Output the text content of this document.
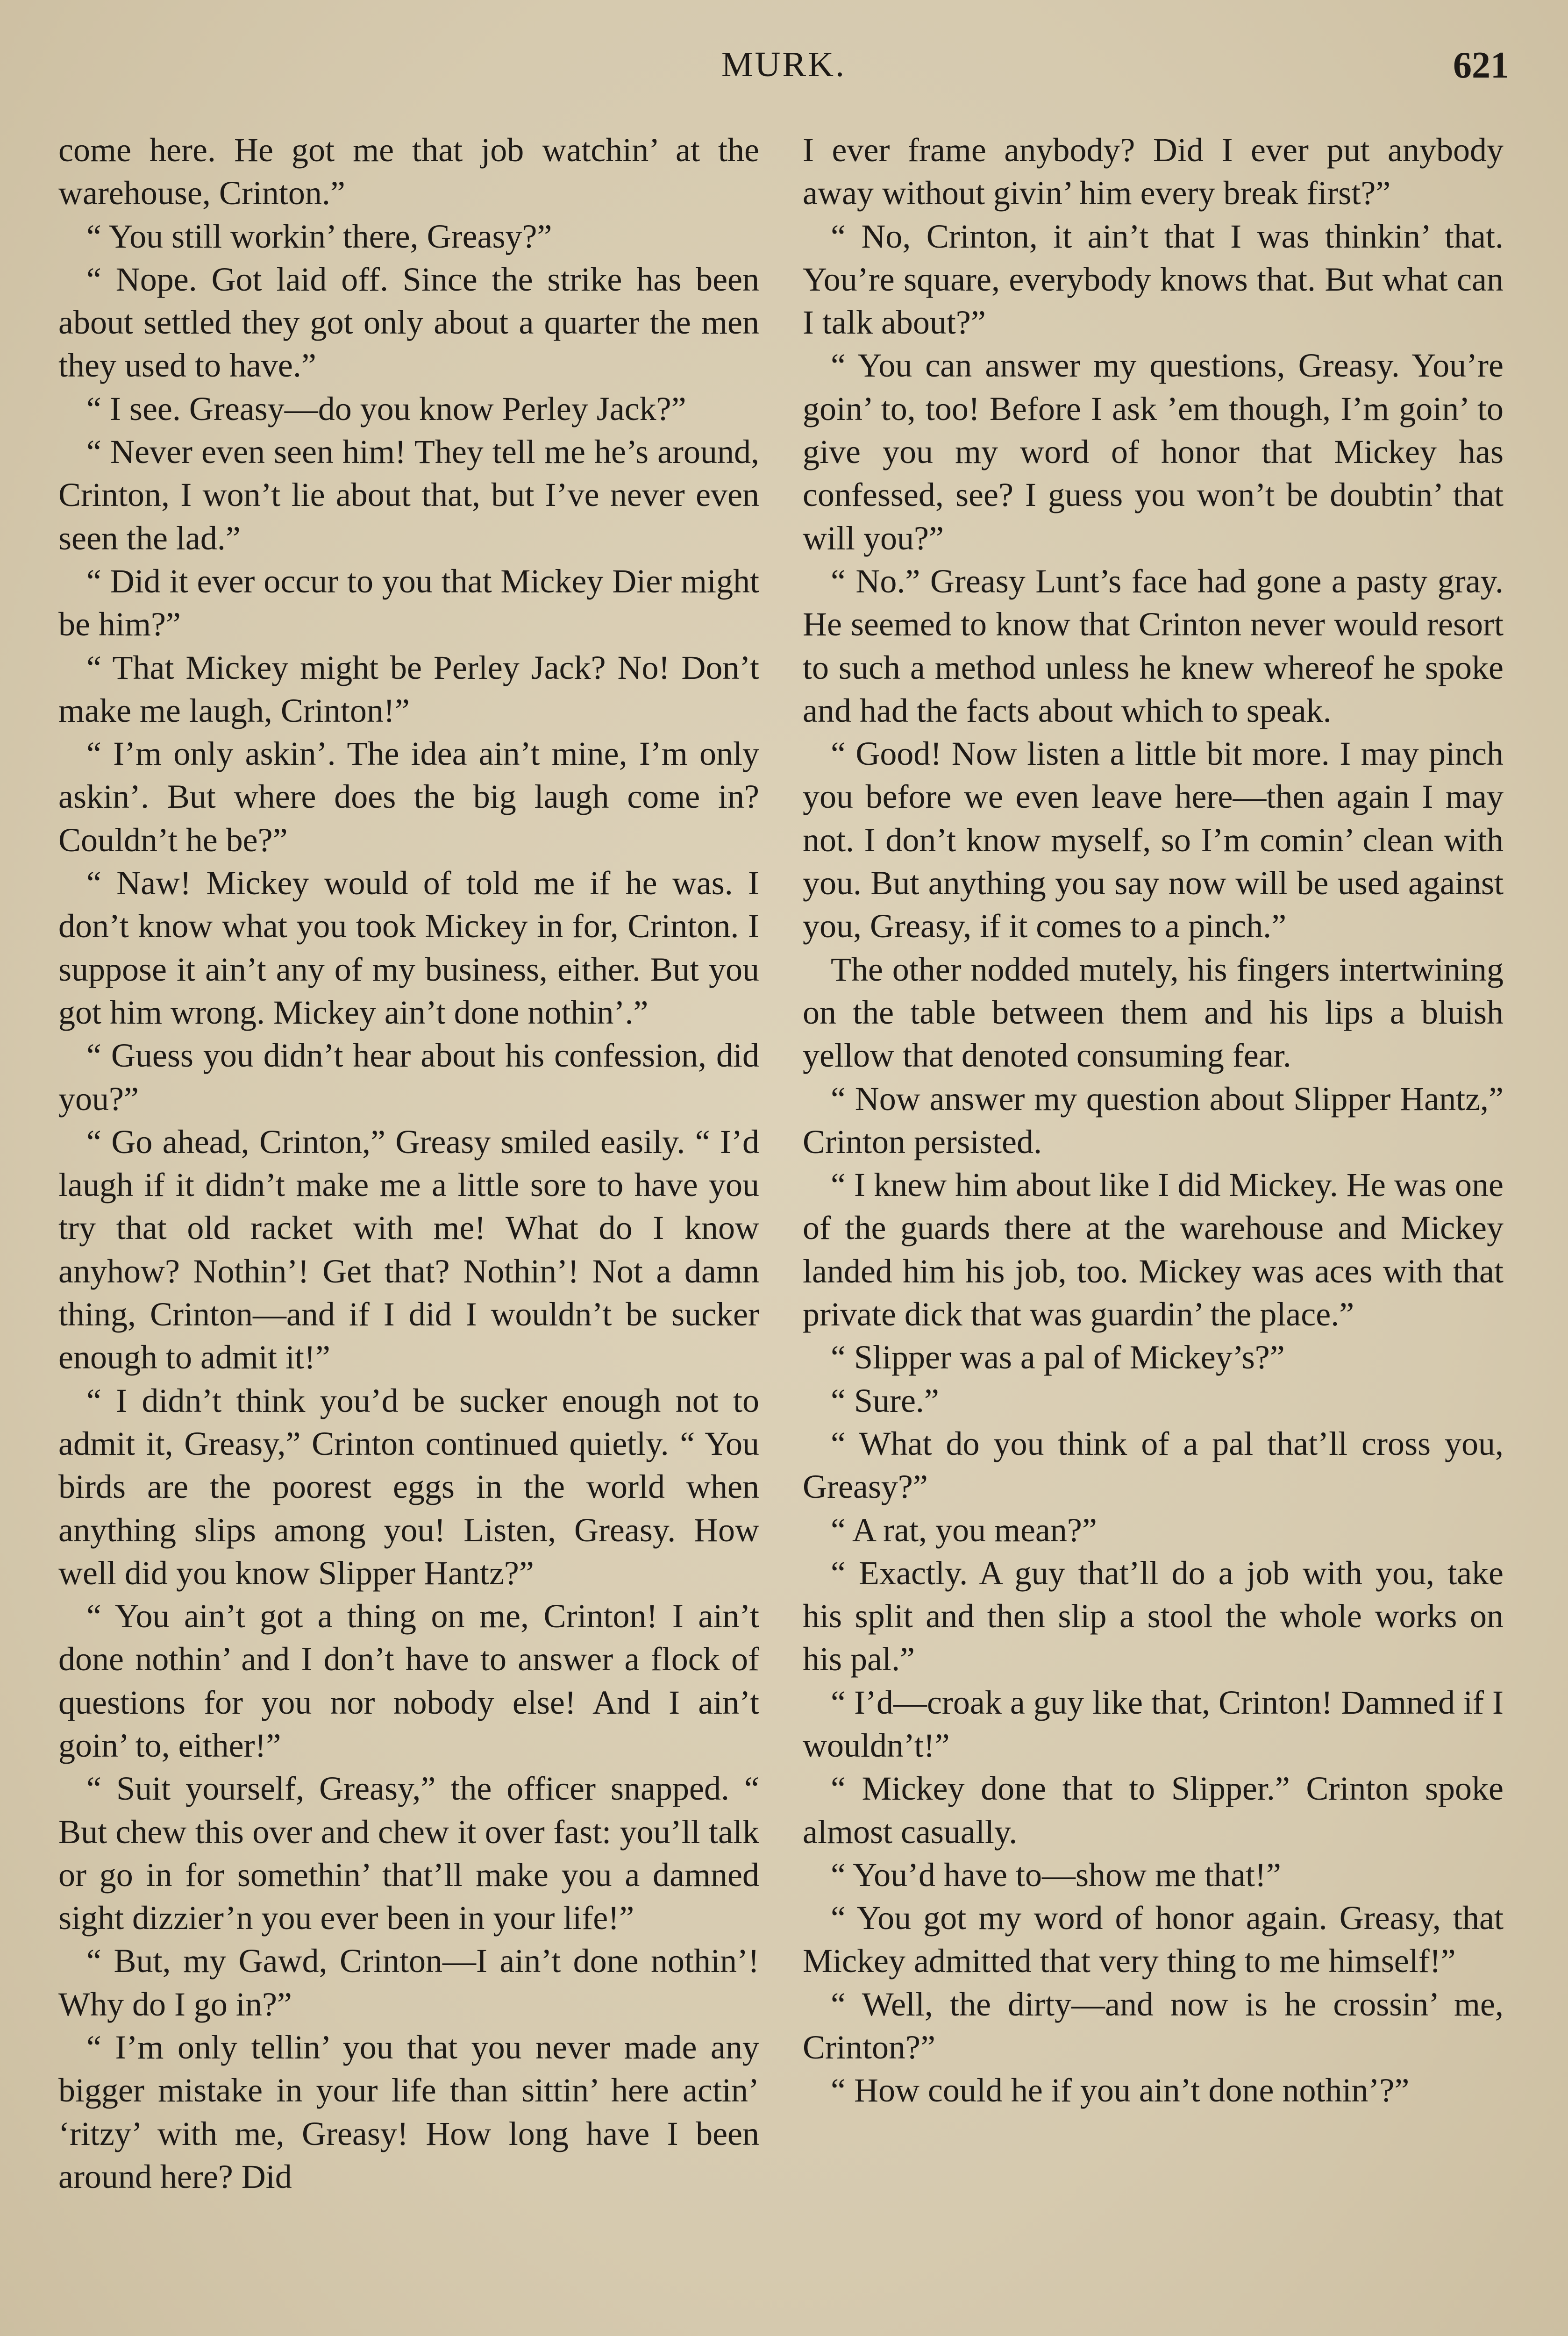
MURK.	621

come here. He got me that job watchin’ at the warehouse, Crinton.”

“ You still workin’ there, Greasy?”

“ Nope. Got laid off. Since the strike has been about settled they got only about a quarter the men they used to have.”

“ I see. Greasy—do you know Perley Jack?”

“ Never even seen him! They tell me he’s around, Crinton, I won’t lie about that, but I’ve never even seen the lad.”

“ Did it ever occur to you that Mickey Dier might be him?”

“ That Mickey might be Perley Jack? No! Don’t make me laugh, Crinton!”

“ I’m only askin’. The idea ain’t mine, I’m only askin’. But where does the big laugh come in? Couldn’t he be?”

“ Naw! Mickey would of told me if he was. I don’t know what you took Mickey in for, Crinton. I suppose it ain’t any of my business, either. But you got him wrong. Mickey ain’t done nothin’.”

“ Guess you didn’t hear about his confession, did you?”

“ Go ahead, Crinton,” Greasy smiled easily. “ I’d laugh if it didn’t make me a little sore to have you try that old racket with me! What do I know anyhow? Nothin’! Get that? Nothin’! Not a damn thing, Crinton—and if I did I wouldn’t be sucker enough to admit it!”

“ I didn’t think you’d be sucker enough not to admit it, Greasy,” Crinton continued quietly. “ You birds are the poorest eggs in the world when anything slips among you! Listen, Greasy. How well did you know Slipper Hantz?”

“ You ain’t got a thing on me, Crinton! I ain’t done nothin’ and I don’t have to answer a flock of questions for you nor nobody else! And I ain’t goin’ to, either!”

“ Suit yourself, Greasy,” the officer snapped. “ But chew this over and chew it over fast: you’ll talk or go in for somethin’ that’ll make you a damned sight dizzier’n you ever been in your life!”

“ But, my Gawd, Crinton—I ain’t done nothin’! Why do I go in?”

“ I’m only tellin’ you that you never made any bigger mistake in your life than sittin’ here actin’ ‘ritzy’ with me, Greasy! How long have I been around here? Did

I ever frame anybody? Did I ever put anybody away without givin’ him every break first?”

“ No, Crinton, it ain’t that I was thinkin’ that. You’re square, everybody knows that. But what can I talk about?”

“ You can answer my questions, Greasy. You’re goin’ to, too! Before I ask ’em though, I’m goin’ to give you my word of honor that Mickey has confessed, see? I guess you won’t be doubtin’ that will you?”

“ No.” Greasy Lunt’s face had gone a pasty gray. He seemed to know that Crinton never would resort to such a method unless he knew whereof he spoke and had the facts about which to speak.

“ Good! Now listen a little bit more. I may pinch you before we even leave here—then again I may not. I don’t know myself, so I’m comin’ clean with you. But anything you say now will be used against you, Greasy, if it comes to a pinch.”

The other nodded mutely, his fingers intertwining on the table between them and his lips a bluish yellow that denoted consuming fear.

“ Now answer my question about Slipper Hantz,” Crinton persisted.

“ I knew him about like I did Mickey. He was one of the guards there at the warehouse and Mickey landed him his job, too. Mickey was aces with that private dick that was guardin’ the place.”

“ Slipper was a pal of Mickey’s?”

“ Sure.”

“ What do you think of a pal that’ll cross you, Greasy?”

“ A rat, you mean?”

“ Exactly. A guy that’ll do a job with you, take his split and then slip a stool the whole works on his pal.”

“ I’d—croak a guy like that, Crinton! Damned if I wouldn’t!”

“ Mickey done that to Slipper.” Crinton spoke almost casually.

“ You’d have to—show me that!”

“ You got my word of honor again. Greasy, that Mickey admitted that very thing to me himself!”

“ Well, the dirty—and now is he crossin’ me, Crinton?”

“ How could he if you ain’t done nothin’?”
